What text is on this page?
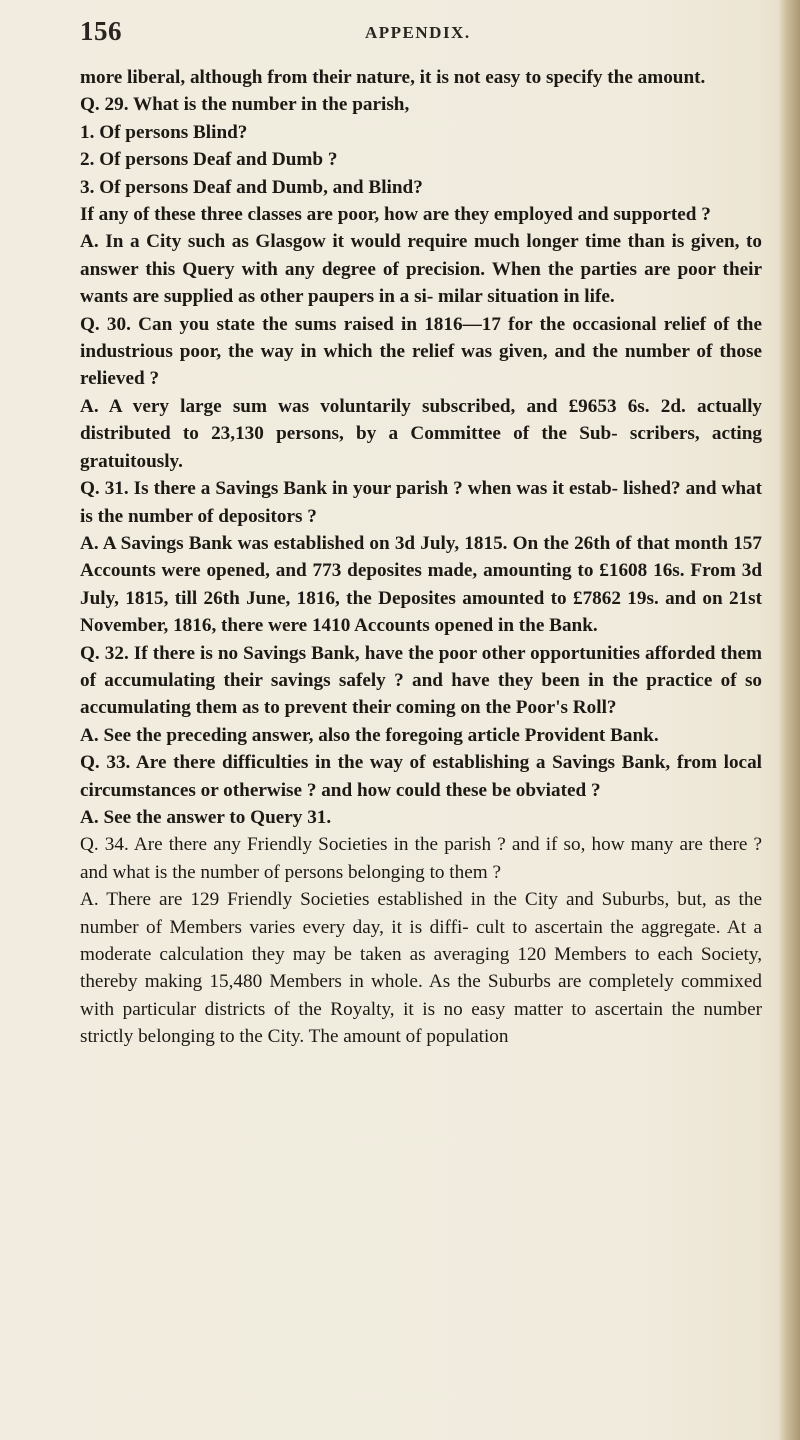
156	APPENDIX.

more liberal, although from their nature, it is not easy to specify the amount.

Q. 29. What is the number in the parish,

1. Of persons Blind?

2. Of persons Deaf and Dumb ?

3. Of persons Deaf and Dumb, and Blind?

If any of these three classes are poor, how are they employed and supported ?

A. In a City such as Glasgow it would require much longer time than is given, to answer this Query with any degree of precision. When the parties are poor their wants are supplied as other paupers in a si- milar situation in life.

Q. 30. Can you state the sums raised in 1816—17 for the occasional relief of the industrious poor, the way in which the relief was given, and the number of those relieved ?

A. A very large sum was voluntarily subscribed, and £9653 6s. 2d. actually distributed to 23,130 persons, by a Committee of the Sub- scribers, acting gratuitously.

Q. 31. Is there a Savings Bank in your parish ? when was it estab- lished? and what is the number of depositors ?

A. A Savings Bank was established on 3d July, 1815. On the 26th of that month 157 Accounts were opened, and 773 deposites made, amounting to £1608 16s. From 3d July, 1815, till 26th June, 1816, the Deposites amounted to £7862 19s. and on 21st November, 1816, there were 1410 Accounts opened in the Bank.

Q. 32. If there is no Savings Bank, have the poor other opportunities afforded them of accumulating their savings safely ? and have they been in the practice of so accumulating them as to prevent their coming on the Poor's Roll?

A. See the preceding answer, also the foregoing article Provident Bank.

Q. 33. Are there difficulties in the way of establishing a Savings Bank, from local circumstances or otherwise ? and how could these be obviated ?

A. See the answer to Query 31.

Q. 34. Are there any Friendly Societies in the parish ? and if so, how many are there ? and what is the number of persons belonging to them ?

A. There are 129 Friendly Societies established in the City and Suburbs, but, as the number of Members varies every day, it is diffi- cult to ascertain the aggregate. At a moderate calculation they may be taken as averaging 120 Members to each Society, thereby making 15,480 Members in whole. As the Suburbs are completely commixed with particular districts of the Royalty, it is no easy matter to ascertain the number strictly belonging to the City. The amount of population
